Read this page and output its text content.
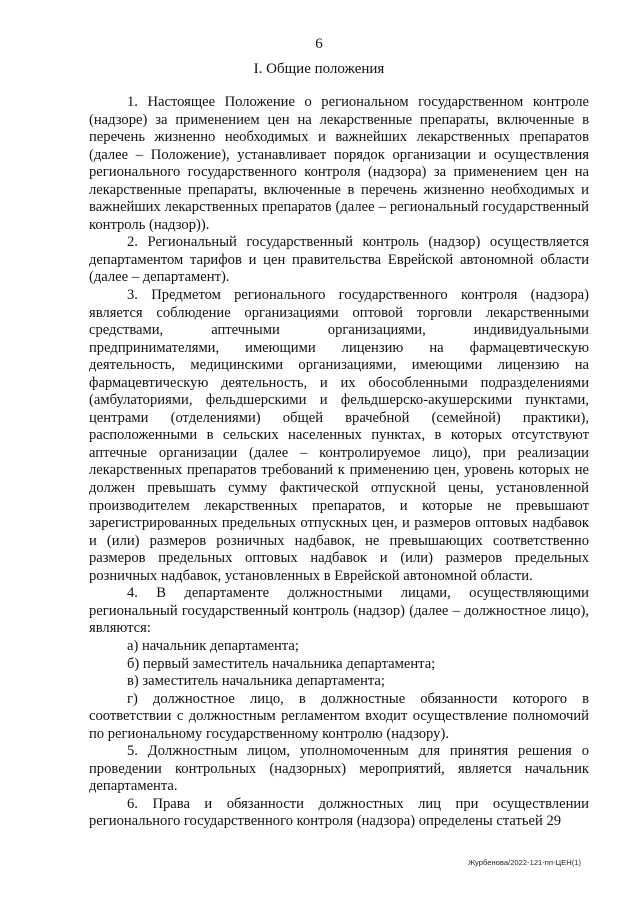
6
I. Общие положения

1. Настоящее Положение о региональном государственном контроле (надзоре) за применением цен на лекарственные препараты, включенные в перечень жизненно необходимых и важнейших лекарственных препаратов (далее – Положение), устанавливает порядок организации и осуществления регионального государственного контроля (надзора) за применением цен на лекарственные препараты, включенные в перечень жизненно необходимых и важнейших лекарственных препаратов (далее – региональный государственный контроль (надзор)).

2. Региональный государственный контроль (надзор) осуществляется департаментом тарифов и цен правительства Еврейской автономной области (далее – департамент).

3. Предметом регионального государственного контроля (надзора) является соблюдение организациями оптовой торговли лекарственными средствами, аптечными организациями, индивидуальными предпринимателями, имеющими лицензию на фармацевтическую деятельность, медицинскими организациями, имеющими лицензию на фармацевтическую деятельность, и их обособленными подразделениями (амбулаториями, фельдшерскими и фельдшерско-акушерскими пунктами, центрами (отделениями) общей врачебной (семейной) практики), расположенными в сельских населенных пунктах, в которых отсутствуют аптечные организации (далее – контролируемое лицо), при реализации лекарственных препаратов требований к применению цен, уровень которых не должен превышать сумму фактической отпускной цены, установленной производителем лекарственных препаратов, и которые не превышают зарегистрированных предельных отпускных цен, и размеров оптовых надбавок и (или) размеров розничных надбавок, не превышающих соответственно размеров предельных оптовых надбавок и (или) размеров предельных розничных надбавок, установленных в Еврейской автономной области.

4. В департаменте должностными лицами, осуществляющими региональный государственный контроль (надзор) (далее – должностное лицо), являются:

а) начальник департамента;

б) первый заместитель начальника департамента;

в) заместитель начальника департамента;

г) должностное лицо, в должностные обязанности которого в соответствии с должностным регламентом входит осуществление полномочий по региональному государственному контролю (надзору).

5. Должностным лицом, уполномоченным для принятия решения о проведении контрольных (надзорных) мероприятий, является начальник департамента.

6. Права и обязанности должностных лиц при осуществлении регионального государственного контроля (надзора) определены статьей 29

Журбенова/2022-121-пп-ЦЕН(1)
